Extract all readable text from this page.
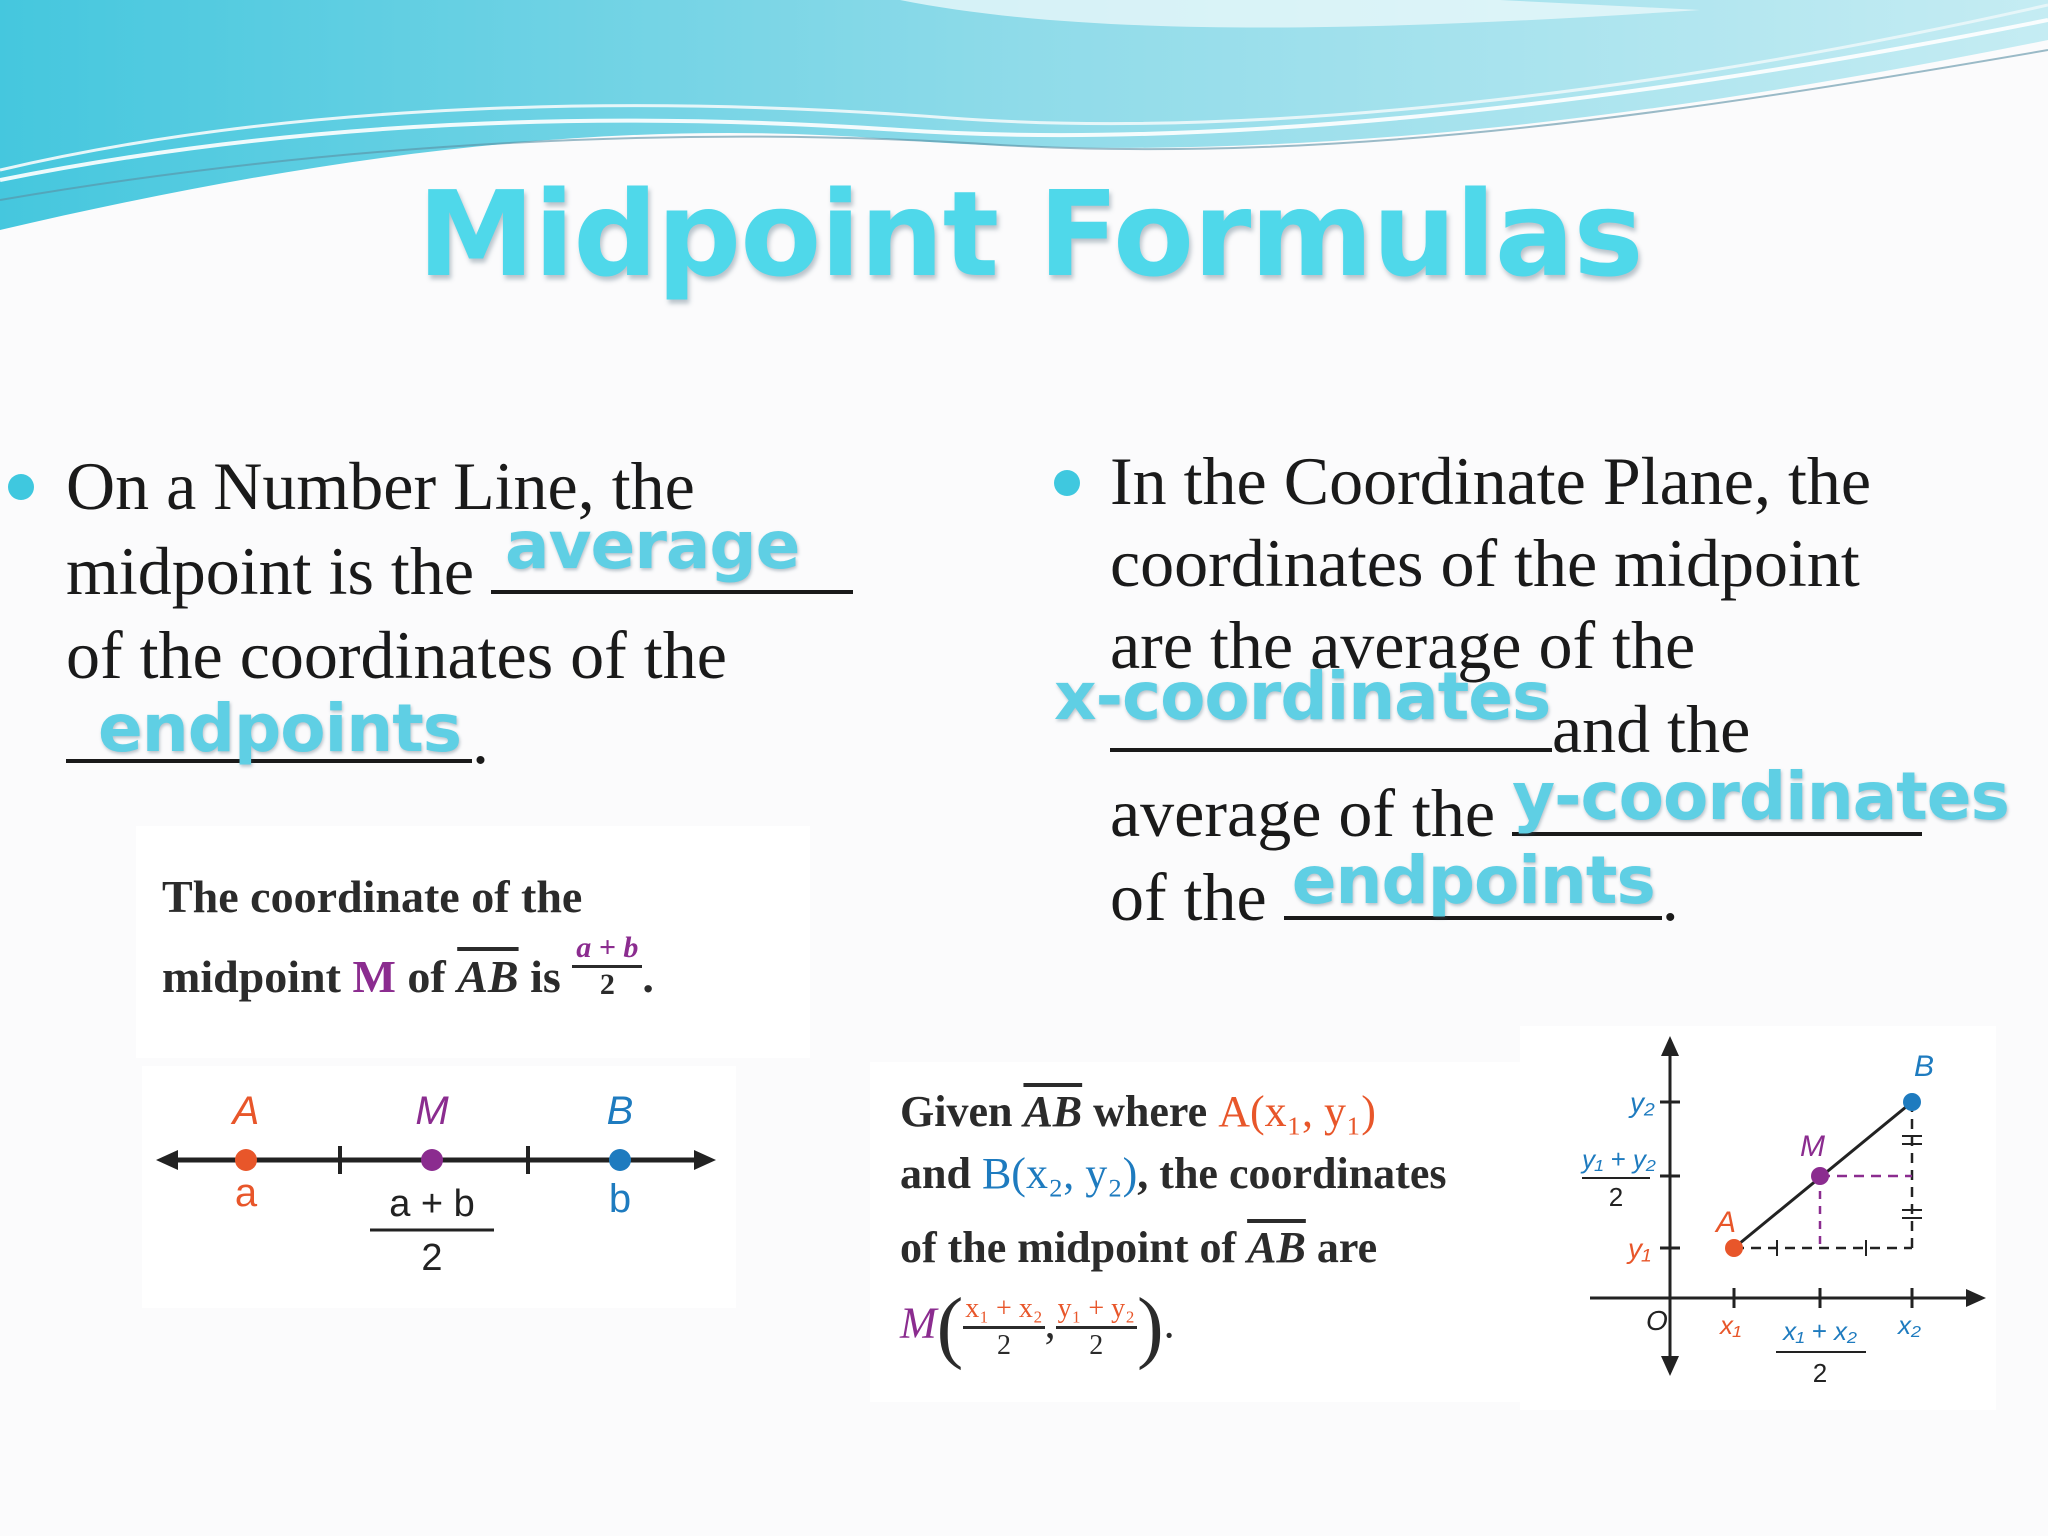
Midpoint Formulas
On a Number Line, the
midpoint is the average
of the coordinates of the
endpoints .
In the Coordinate Plane, the
coordinates of the midpoint
are the average of the
x-coordinates and the
average of the y-coordinates
of the endpoints .
The coordinate of the
midpoint M of $\overline{AB}$ is $\frac{a + b}{2}$ .
A	M	B
a	b
a + b
2
Given $\overline{AB}$ where A(x₁, y₁)
and B(x₂, y₂), the coordinates
of the midpoint of $\overline{AB}$ are
$M( \frac{\text{x₁ + x₂}}{2}$ , $\frac{\text{y₁ + y₂}}{2}$ ).
A
M
B
y₂
y₁ + y₂
2
y₁
O x₁ x₁ + x₂
2
x₂
